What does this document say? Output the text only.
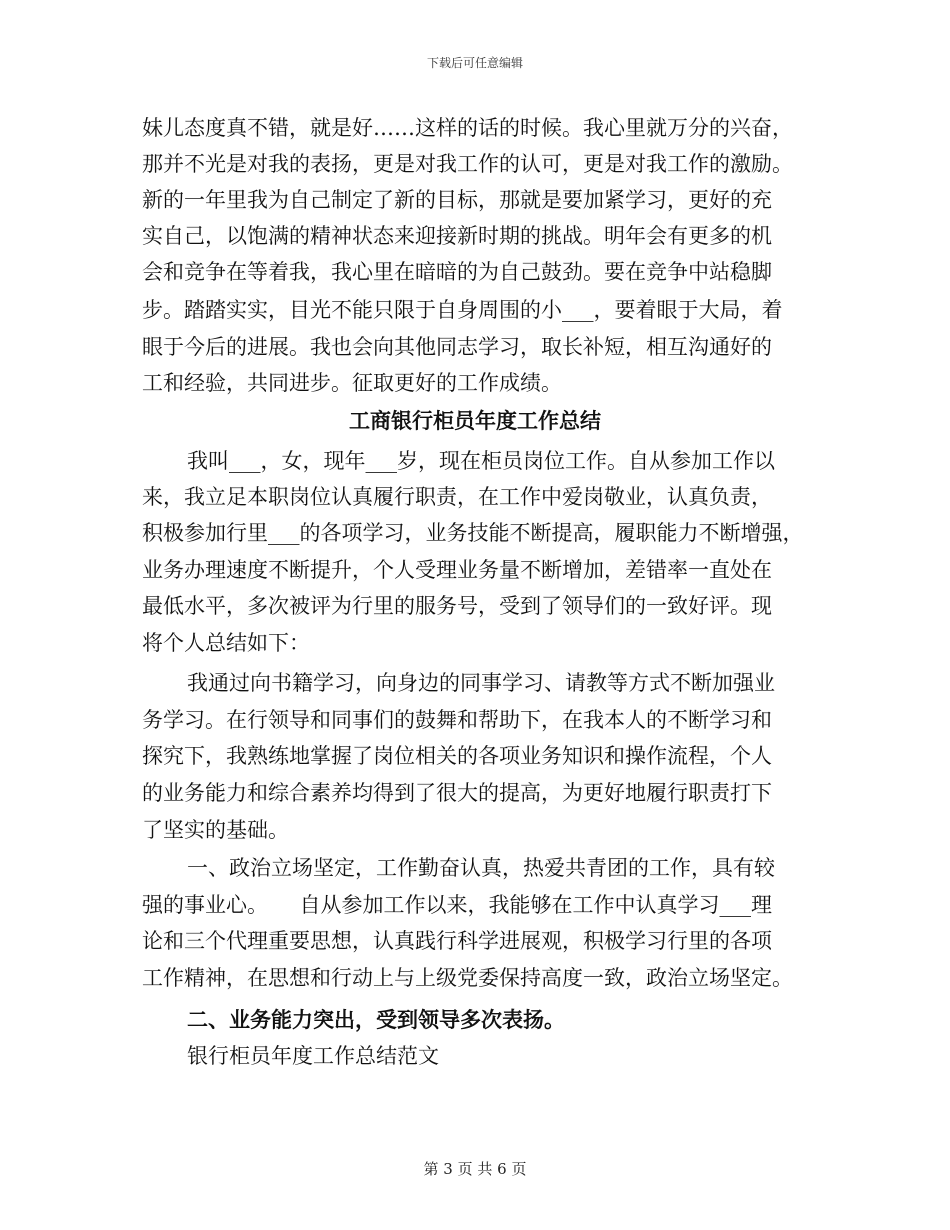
下载后可任意编辑
妹儿态度真不错，就是好……这样的话的时候。我心里就万分的兴奋，
那并不光是对我的表扬，更是对我工作的认可，更是对我工作的激励。
新的一年里我为自己制定了新的目标，那就是要加紧学习，更好的充
实自己，以饱满的精神状态来迎接新时期的挑战。明年会有更多的机
会和竞争在等着我，我心里在暗暗的为自己鼓劲。要在竞争中站稳脚
步。踏踏实实，目光不能只限于自身周围的小___，要着眼于大局，着
眼于今后的进展。我也会向其他同志学习，取长补短，相互沟通好的
工和经验，共同进步。征取更好的工作成绩。
工商银行柜员年度工作总结
我叫___，女，现年___岁，现在柜员岗位工作。自从参加工作以
来，我立足本职岗位认真履行职责，在工作中爱岗敬业，认真负责，
积极参加行里___的各项学习，业务技能不断提高，履职能力不断增强，
业务办理速度不断提升，个人受理业务量不断增加，差错率一直处在
最低水平，多次被评为行里的服务号，受到了领导们的一致好评。现
将个人总结如下：
我通过向书籍学习，向身边的同事学习、请教等方式不断加强业
务学习。在行领导和同事们的鼓舞和帮助下，在我本人的不断学习和
探究下，我熟练地掌握了岗位相关的各项业务知识和操作流程，个人
的业务能力和综合素养均得到了很大的提高，为更好地履行职责打下
了坚实的基础。
一、政治立场坚定，工作勤奋认真，热爱共青团的工作，具有较
强的事业心。　　自从参加工作以来，我能够在工作中认真学习___理
论和三个代理重要思想，认真践行科学进展观，积极学习行里的各项
工作精神，在思想和行动上与上级党委保持高度一致，政治立场坚定。
二、业务能力突出，受到领导多次表扬。
银行柜员年度工作总结范文
第 3 页 共 6 页
